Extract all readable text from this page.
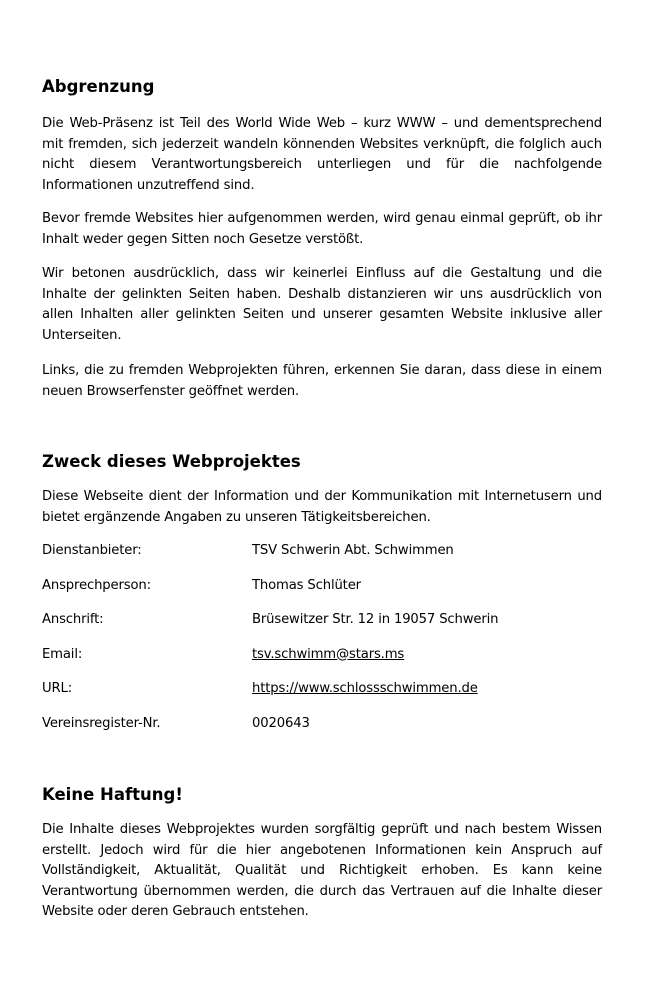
Abgrenzung

Die Web-Präsenz ist Teil des World Wide Web – kurz WWW – und dementsprechend mit fremden, sich jederzeit wandeln könnenden Websites verknüpft, die folglich auch nicht diesem Verantwortungsbereich unterliegen und für die nachfolgende Informationen unzutreffend sind.

Bevor fremde Websites hier aufgenommen werden, wird genau einmal geprüft, ob ihr Inhalt weder gegen Sitten noch Gesetze verstößt.

Wir betonen ausdrücklich, dass wir keinerlei Einfluss auf die Gestaltung und die Inhalte der gelinkten Seiten haben. Deshalb distanzieren wir uns ausdrücklich von allen Inhalten aller gelinkten Seiten und unserer gesamten Website inklusive aller Unterseiten.

Links, die zu fremden Webprojekten führen, erkennen Sie daran, dass diese in einem neuen Browserfenster geöffnet werden.

Zweck dieses Webprojektes

Diese Webseite dient der Information und der Kommunikation mit Internetusern und bietet ergänzende Angaben zu unseren Tätigkeitsbereichen.

Dienstanbieter:	TSV Schwerin Abt. Schwimmen
Ansprechperson:	Thomas Schlüter
Anschrift:	Brüsewitzer Str. 12 in 19057 Schwerin
Email:	tsv.schwimm@stars.ms
URL:	https://www.schlossschwimmen.de
Vereinsregister-Nr.	0020643
Keine Haftung!

Die Inhalte dieses Webprojektes wurden sorgfältig geprüft und nach bestem Wissen erstellt. Jedoch wird für die hier angebotenen Informationen kein Anspruch auf Vollständigkeit, Aktualität, Qualität und Richtigkeit erhoben. Es kann keine Verantwortung übernommen werden, die durch das Vertrauen auf die Inhalte dieser Website oder deren Gebrauch entstehen.
